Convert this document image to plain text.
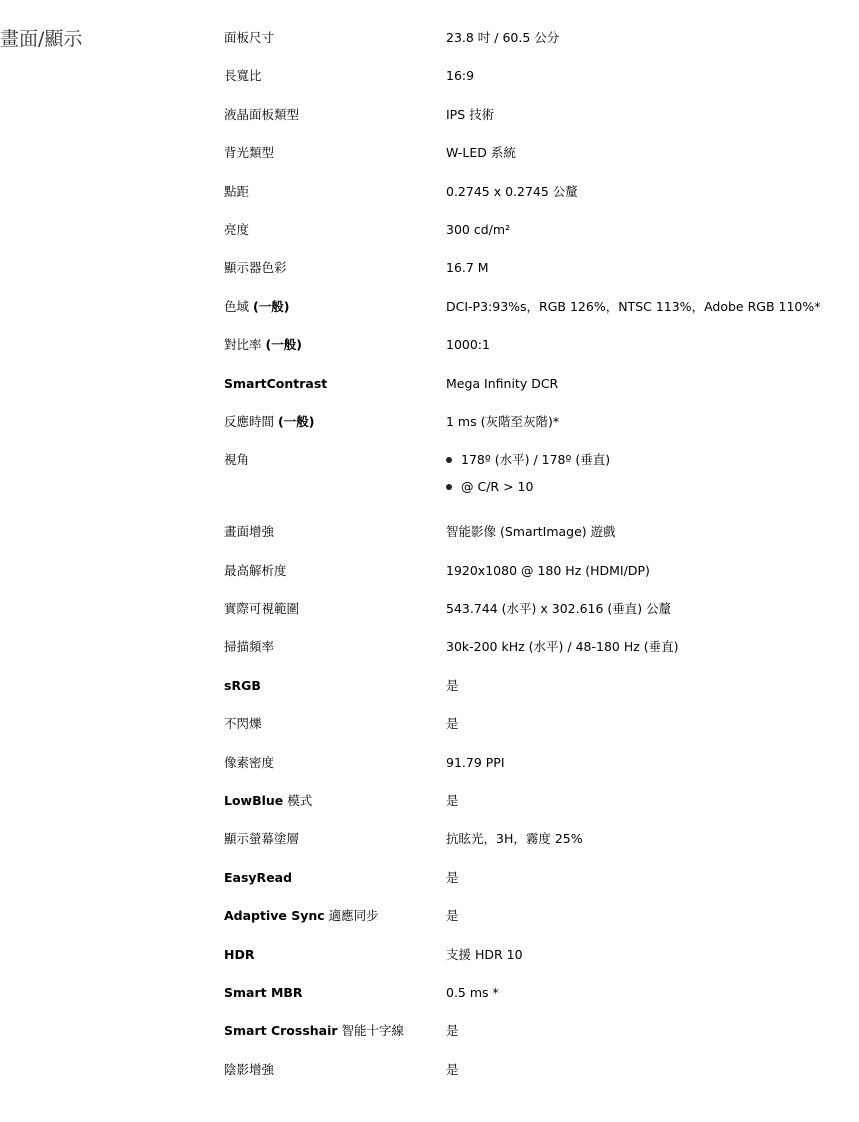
畫面/顯示	面板尺寸	23.8 吋 / 60.5 公分
長寬比	16:9
液晶面板類型	IPS 技術
背光類型	W-LED 系統
點距	0.2745 x 0.2745 公釐
亮度	300 cd/m²
顯示器色彩	16.7 M
色域 (一般)	DCI-P3:93%s，RGB 126%，NTSC 113%，Adobe RGB 110%*
對比率 (一般)	1000:1
SmartContrast	Mega Infinity DCR
反應時間 (一般)	1 ms (灰階至灰階)*
視角	178º (水平) / 178º (垂直)
@ C/R > 10
畫面增強	智能影像 (SmartImage) 遊戲
最高解析度	1920x1080 @ 180 Hz (HDMI/DP)
實際可視範圍	543.744 (水平) x 302.616 (垂直) 公釐
掃描頻率	30k-200 kHz (水平) / 48-180 Hz (垂直)
sRGB	是
不閃爍	是
像素密度	91.79 PPI
LowBlue 模式	是
顯示螢幕塗層	抗眩光，3H，霧度 25%
EasyRead	是
Adaptive Sync 適應同步	是
HDR	支援 HDR 10
Smart MBR	0.5 ms *
Smart Crosshair 智能十字線	是
陰影增強	是
